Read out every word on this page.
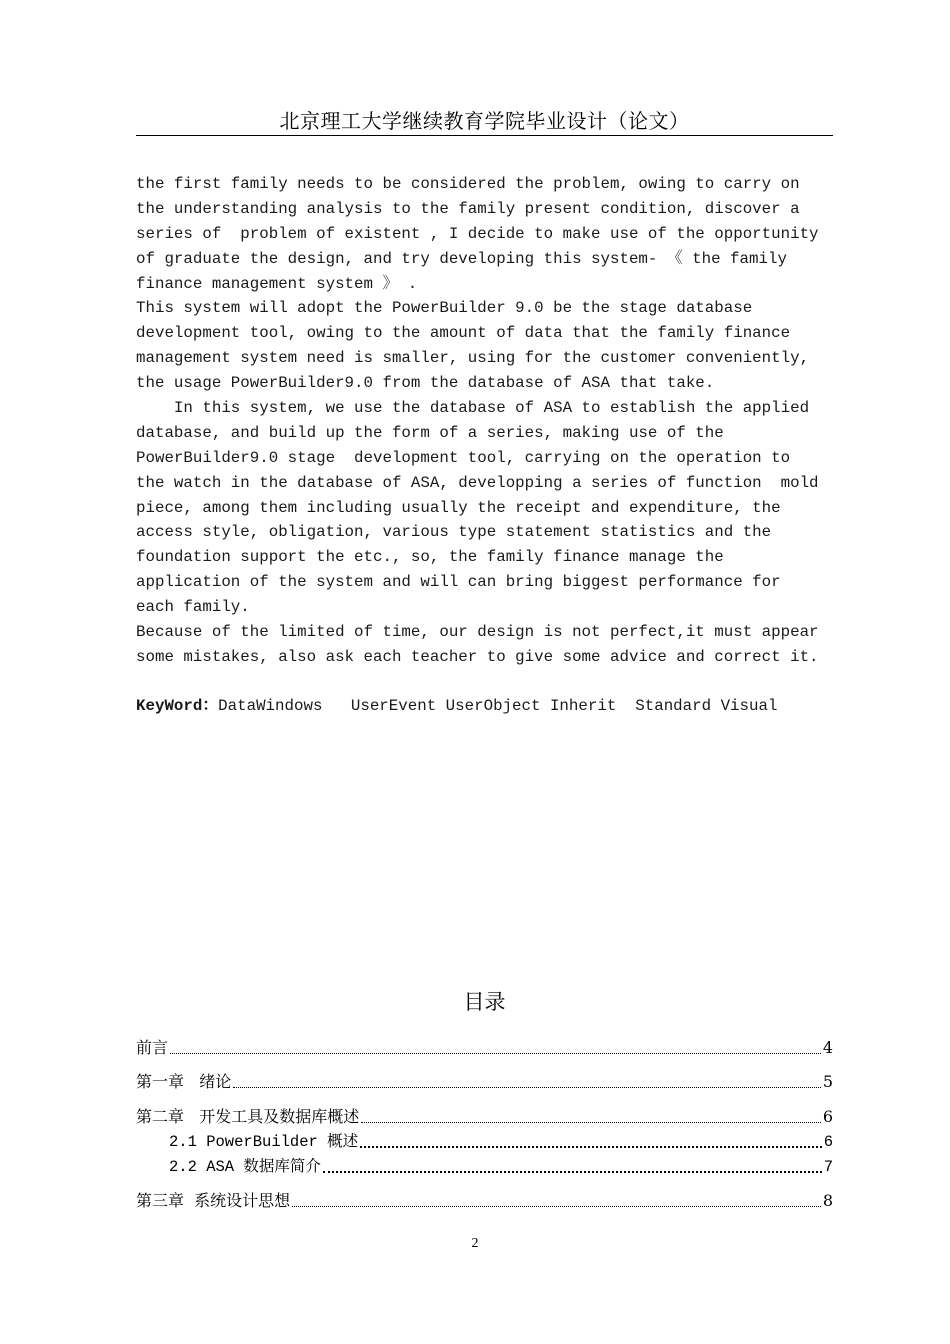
北京理工大学继续教育学院毕业设计（论文）
the first family needs to be considered the problem, owing to carry on
the understanding analysis to the family present condition, discover a
series of  problem of existent , I decide to make use of the opportunity
of graduate the design, and try developing this system- 《 the family
finance management system 》 .
This system will adopt the PowerBuilder 9.0 be the stage database
development tool, owing to the amount of data that the family finance
management system need is smaller, using for the customer conveniently,
the usage PowerBuilder9.0 from the database of ASA that take.
In this system, we use the database of ASA to establish the applied
database, and build up the form of a series, making use of the
PowerBuilder9.0 stage  development tool, carrying on the operation to
the watch in the database of ASA, developping a series of function  mold
piece, among them including usually the receipt and expenditure, the
access style, obligation, various type statement statistics and the
foundation support the etc., so, the family finance manage the
application of the system and will can bring biggest performance for
each family.
Because of the limited of time, our design is not perfect,it must appear
some mistakes, also ask each teacher to give some advice and correct it.
KeyWord：DataWindows   UserEvent UserObject Inherit  Standard Visual
目录
前言	4
第一章   绪论	5
第二章   开发工具及数据库概述	6
2.1 PowerBuilder 概述	6
2.2 ASA 数据库简介	7
第三章  系统设计思想	8
2
